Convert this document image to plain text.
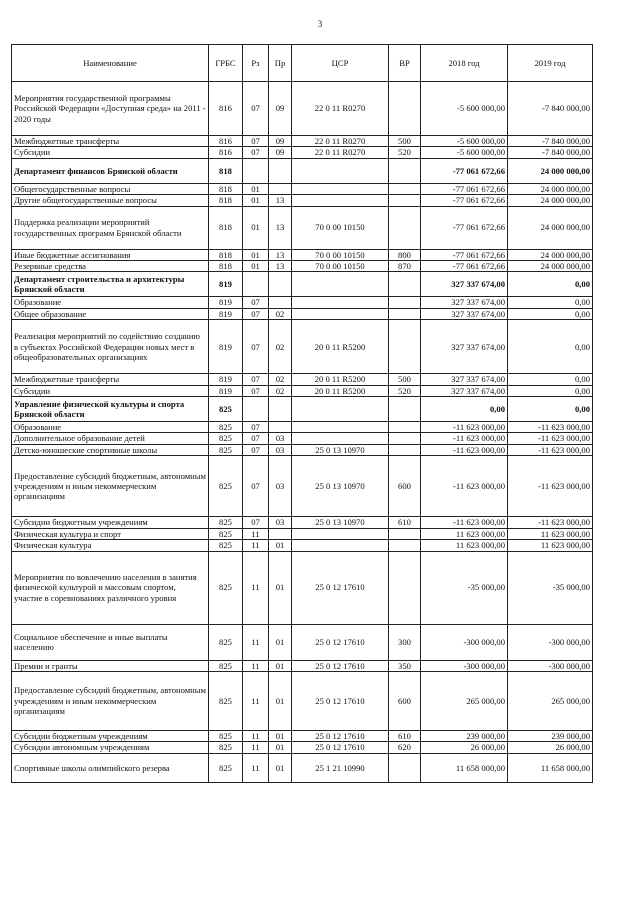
3
Наименование	ГРБС	Рз	Пр	ЦСР	ВР	2018 год	2019 год
Мероприятия государственной программы Российской Федерации «Доступная среда» на 2011 - 2020 годы	816	07	09	22 0 11 R0270		-5 600 000,00	-7 840 000,00
Межбюджетные трансферты	816	07	09	22 0 11 R0270	500	-5 600 000,00	-7 840 000,00
Субсидии	816	07	09	22 0 11 R0270	520	-5 600 000,00	-7 840 000,00
Департамент финансов Брянской области	818					-77 061 672,66	24 000 000,00
Общегосударственные вопросы	818	01				-77 061 672,66	24 000 000,00
Другие общегосударственные вопросы	818	01	13			-77 061 672,66	24 000 000,00
Поддержка реализации мероприятий государственных программ Брянской области	818	01	13	70 0 00 10150		-77 061 672,66	24 000 000,00
Иные бюджетные ассигнования	818	01	13	70 0 00 10150	800	-77 061 672,66	24 000 000,00
Резервные средства	818	01	13	70 0 00 10150	870	-77 061 672,66	24 000 000,00
Департамент строительства и архитектуры Брянской области	819					327 337 674,00	0,00
Образование	819	07				327 337 674,00	0,00
Общее образование	819	07	02			327 337 674,00	0,00
Реализация мероприятий по содействию созданию в субъектах Российской Федерации новых мест в общеобразовательных организациях	819	07	02	20 0 11 R5200		327 337 674,00	0,00
Межбюджетные трансферты	819	07	02	20 0 11 R5200	500	327 337 674,00	0,00
Субсидии	819	07	02	20 0 11 R5200	520	327 337 674,00	0,00
Управление физической культуры и спорта Брянской области	825					0,00	0,00
Образование	825	07				-11 623 000,00	-11 623 000,00
Дополнительное образование детей	825	07	03			-11 623 000,00	-11 623 000,00
Детско-юношеские спортивные школы	825	07	03	25 0 13 10970		-11 623 000,00	-11 623 000,00
Предоставление субсидий бюджетным, автономным учреждениям и иным некоммерческим организациям	825	07	03	25 0 13 10970	600	-11 623 000,00	-11 623 000,00
Субсидии бюджетным учреждениям	825	07	03	25 0 13 10970	610	-11 623 000,00	-11 623 000,00
Физическая культура и спорт	825	11				11 623 000,00	11 623 000,00
Физическая культура	825	11	01			11 623 000,00	11 623 000,00
Мероприятия по вовлечению населения в занятия физической культурой и массовым спортом, участие в соревнованиях различного уровня	825	11	01	25 0 12 17610		-35 000,00	-35 000,00
Социальное обеспечение и иные выплаты населению	825	11	01	25 0 12 17610	300	-300 000,00	-300 000,00
Премии и гранты	825	11	01	25 0 12 17610	350	-300 000,00	-300 000,00
Предоставление субсидий бюджетным, автономным учреждениям и иным некоммерческим организациям	825	11	01	25 0 12 17610	600	265 000,00	265 000,00
Субсидии бюджетным учреждениям	825	11	01	25 0 12 17610	610	239 000,00	239 000,00
Субсидии автономным учреждениям	825	11	01	25 0 12 17610	620	26 000,00	26 000,00
Спортивные школы олимпийского резерва	825	11	01	25 1 21 10990		11 658 000,00	11 658 000,00
